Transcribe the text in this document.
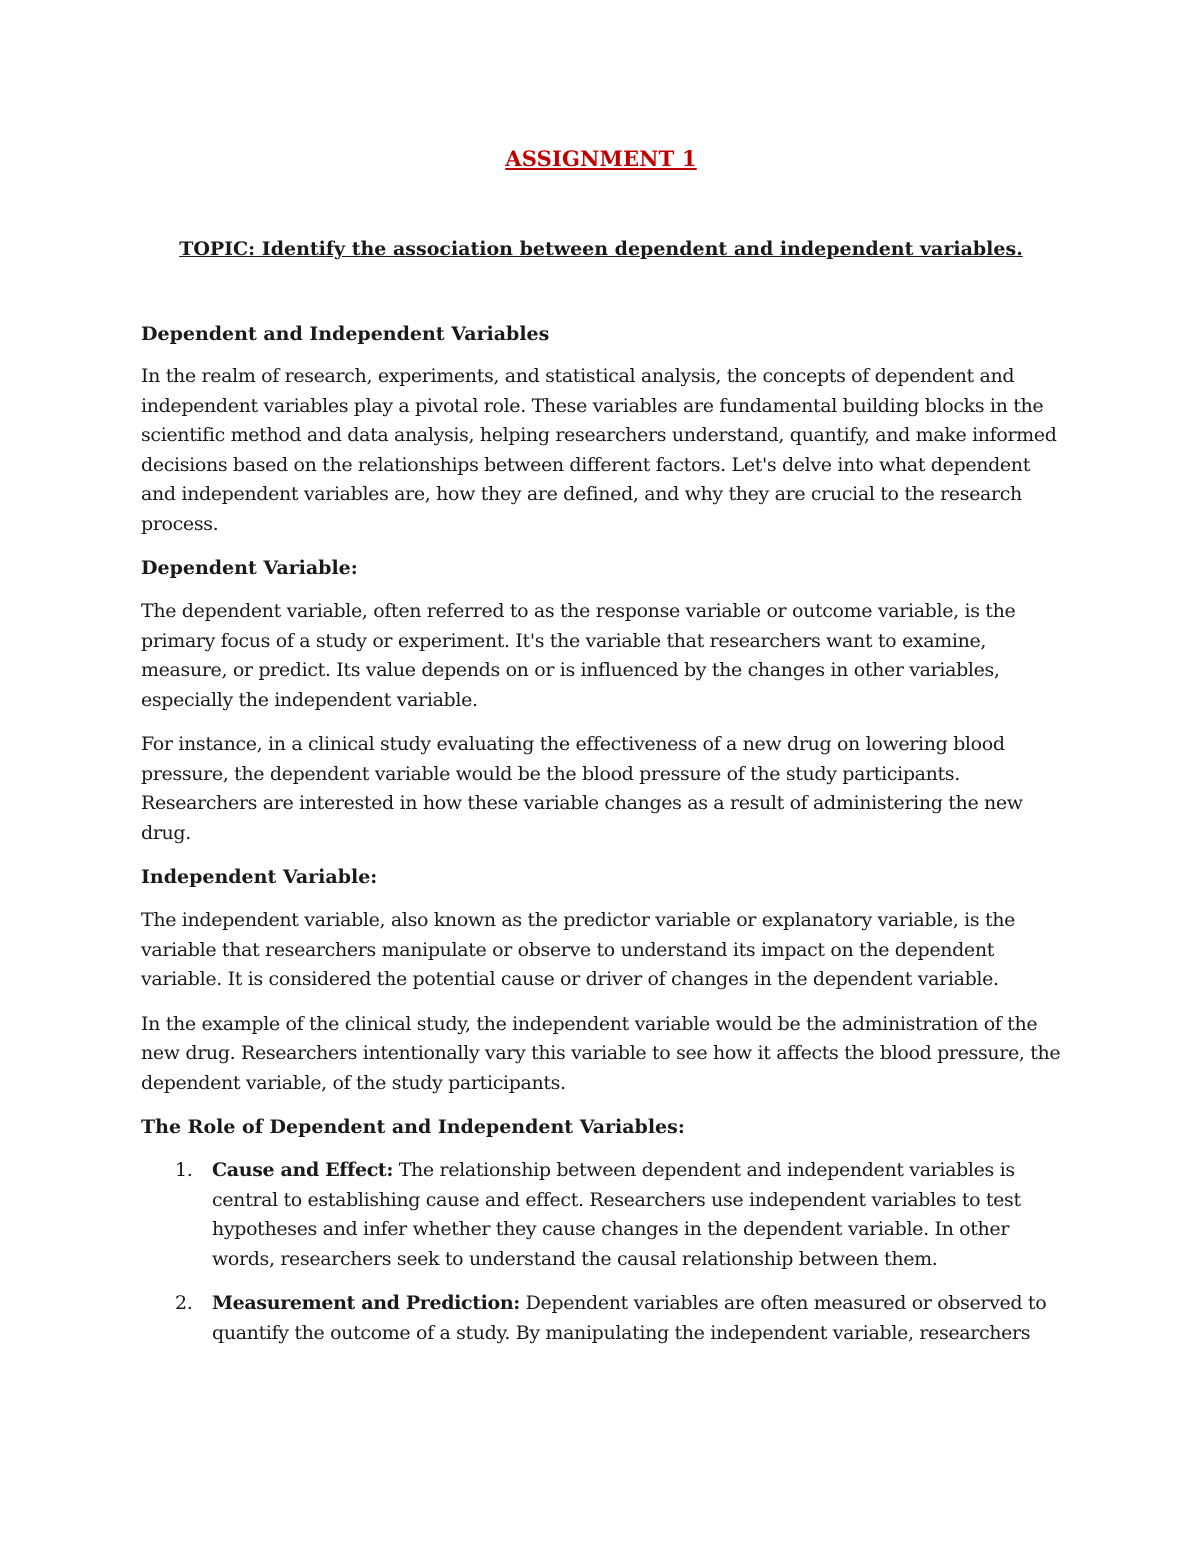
ASSIGNMENT 1
TOPIC: Identify the association between dependent and independent variables.
Dependent and Independent Variables

In the realm of research, experiments, and statistical analysis, the concepts of dependent and independent variables play a pivotal role. These variables are fundamental building blocks in the scientific method and data analysis, helping researchers understand, quantify, and make informed decisions based on the relationships between different factors. Let's delve into what dependent and independent variables are, how they are defined, and why they are crucial to the research process.

Dependent Variable:

The dependent variable, often referred to as the response variable or outcome variable, is the primary focus of a study or experiment. It's the variable that researchers want to examine, measure, or predict. Its value depends on or is influenced by the changes in other variables, especially the independent variable.

For instance, in a clinical study evaluating the effectiveness of a new drug on lowering blood pressure, the dependent variable would be the blood pressure of the study participants. Researchers are interested in how these variable changes as a result of administering the new drug.

Independent Variable:

The independent variable, also known as the predictor variable or explanatory variable, is the variable that researchers manipulate or observe to understand its impact on the dependent variable. It is considered the potential cause or driver of changes in the dependent variable.

In the example of the clinical study, the independent variable would be the administration of the new drug. Researchers intentionally vary this variable to see how it affects the blood pressure, the dependent variable, of the study participants.

The Role of Dependent and Independent Variables:
1. Cause and Effect: The relationship between dependent and independent variables is central to establishing cause and effect. Researchers use independent variables to test hypotheses and infer whether they cause changes in the dependent variable. In other words, researchers seek to understand the causal relationship between them.
2. Measurement and Prediction: Dependent variables are often measured or observed to quantify the outcome of a study. By manipulating the independent variable, researchers
